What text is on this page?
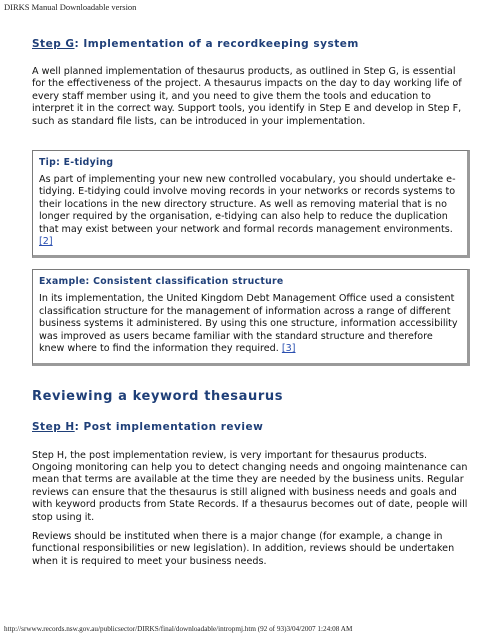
DIRKS Manual Downloadable version
Step G: Implementation of a recordkeeping system

A well planned implementation of thesaurus products, as outlined in Step G, is essential for the effectiveness of the project. A thesaurus impacts on the day to day working life of every staff member using it, and you need to give them the tools and education to interpret it in the correct way. Support tools, you identify in Step E and develop in Step F, such as standard file lists, can be introduced in your implementation.

Tip: E-tidying

As part of implementing your new new controlled vocabulary, you should undertake e-tidying. E-tidying could involve moving records in your networks or records systems to their locations in the new directory structure. As well as removing material that is no longer required by the organisation, e-tidying can also help to reduce the duplication that may exist between your network and formal records management environments. [2]

Example: Consistent classification structure

In its implementation, the United Kingdom Debt Management Office used a consistent classification structure for the management of information across a range of different business systems it administered. By using this one structure, information accessibility was improved as users became familiar with the standard structure and therefore knew where to find the information they required. [3]

Reviewing a keyword thesaurus
Step H: Post implementation review

Step H, the post implementation review, is very important for thesaurus products. Ongoing monitoring can help you to detect changing needs and ongoing maintenance can mean that terms are available at the time they are needed by the business units. Regular reviews can ensure that the thesaurus is still aligned with business needs and goals and with keyword products from State Records. If a thesaurus becomes out of date, people will stop using it.

Reviews should be instituted when there is a major change (for example, a change in functional responsibilities or new legislation). In addition, reviews should be undertaken when it is required to meet your business needs.

http://srwww.records.nsw.gov.au/publicsector/DIRKS/final/downloadable/intropmj.htm (92 of 93)3/04/2007 1:24:08 AM
